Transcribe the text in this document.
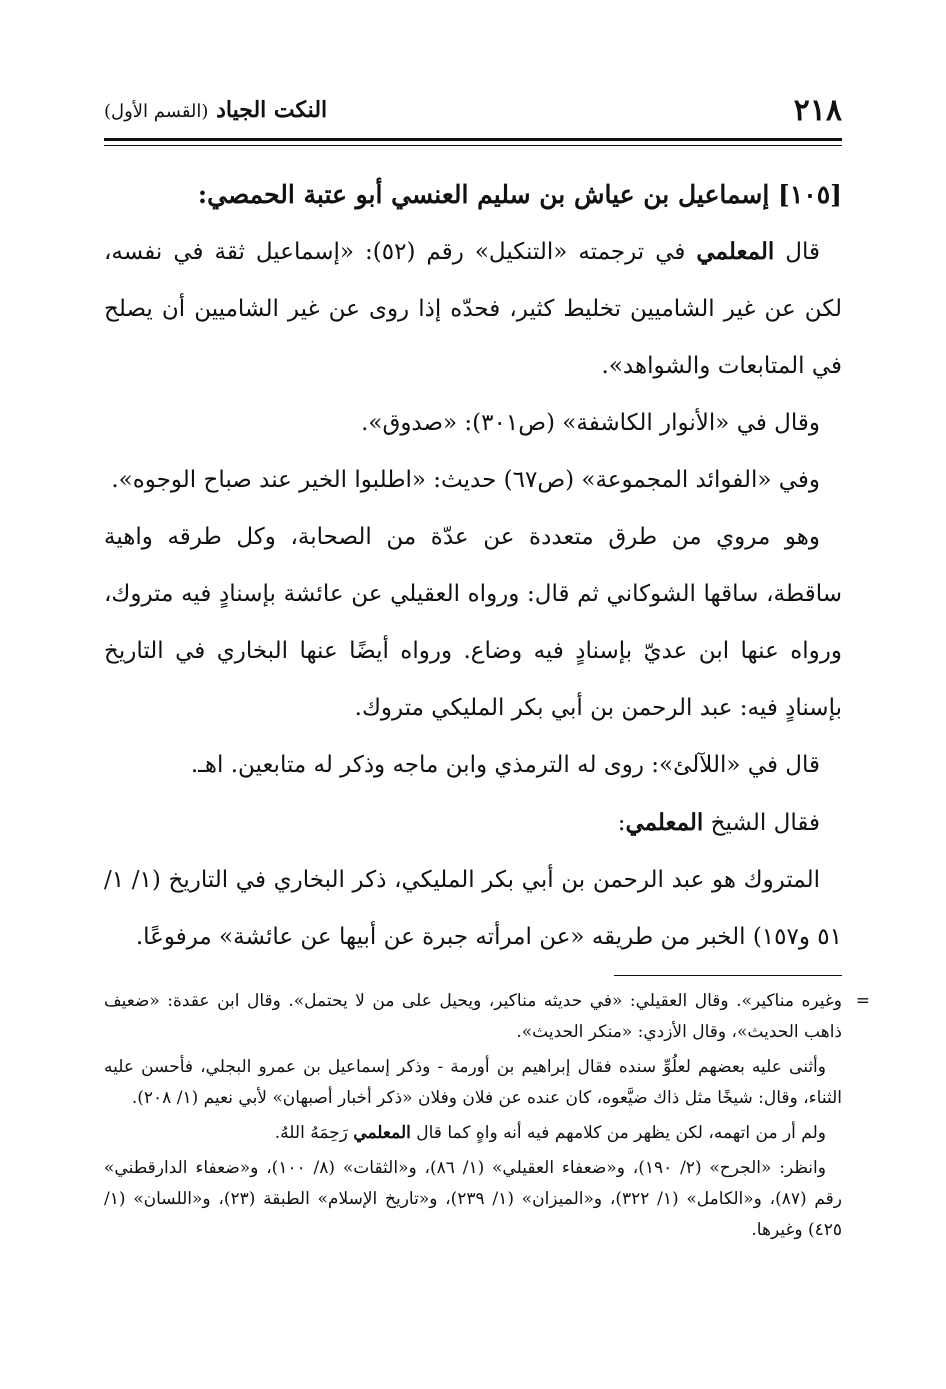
٢١٨
النكت الجياد (القسم الأول)

[١٠٥] إسماعيل بن عياش بن سليم العنسي أبو عتبة الحمصي:

قال المعلمي في ترجمته «التنكيل» رقم (٥٢): «إسماعيل ثقة في نفسه، لكن عن غير الشاميين تخليط كثير، فحدّه إذا روى عن غير الشاميين أن يصلح في المتابعات والشواهد».

وقال في «الأنوار الكاشفة» (ص٣٠١): «صدوق».

وفي «الفوائد المجموعة» (ص٦٧) حديث: «اطلبوا الخير عند صباح الوجوه».

وهو مروي من طرق متعددة عن عدّة من الصحابة، وكل طرقه واهية ساقطة، ساقها الشوكاني ثم قال: ورواه العقيلي عن عائشة بإسنادٍ فيه متروك، ورواه عنها ابن عديّ بإسنادٍ فيه وضاع. ورواه أيضًا عنها البخاري في التاريخ بإسنادٍ فيه: عبد الرحمن بن أبي بكر المليكي متروك.

قال في «اللآلئ»: روى له الترمذي وابن ماجه وذكر له متابعين. اهـ.

فقال الشيخ المعلمي:

المتروك هو عبد الرحمن بن أبي بكر المليكي، ذكر البخاري في التاريخ (١/ ١/ ٥١ و١٥٧) الخبر من طريقه «عن امرأته جبرة عن أبيها عن عائشة» مرفوعًا.

=
وغيره مناكير». وقال العقيلي: «في حديثه مناكير، ويحيل على من لا يحتمل». وقال ابن عقدة: «ضعيف ذاهب الحديث»، وقال الأزدي: «منكر الحديث».

وأثنى عليه بعضهم لعلُوِّ سنده فقال إبراهيم بن أورمة - وذكر إسماعيل بن عمرو البجلي، فأحسن عليه الثناء، وقال: شيخًا مثل ذاك ضيَّعوه، كان عنده عن فلان وفلان «ذكر أخبار أصبهان» لأبي نعيم (١/ ٢٠٨).

ولم أر من اتهمه، لكن يظهر من كلامهم فيه أنه واهٍ كما قال المعلمي رَحِمَهُ اللهُ.

وانظر: «الجرح» (٢/ ١٩٠)، و«ضعفاء العقيلي» (١/ ٨٦)، و«الثقات» (٨/ ١٠٠)، و«ضعفاء الدارقطني» رقم (٨٧)، و«الكامل» (١/ ٣٢٢)، و«الميزان» (١/ ٢٣٩)، و«تاريخ الإسلام» الطبقة (٢٣)، و«اللسان» (١/ ٤٢٥) وغيرها.
